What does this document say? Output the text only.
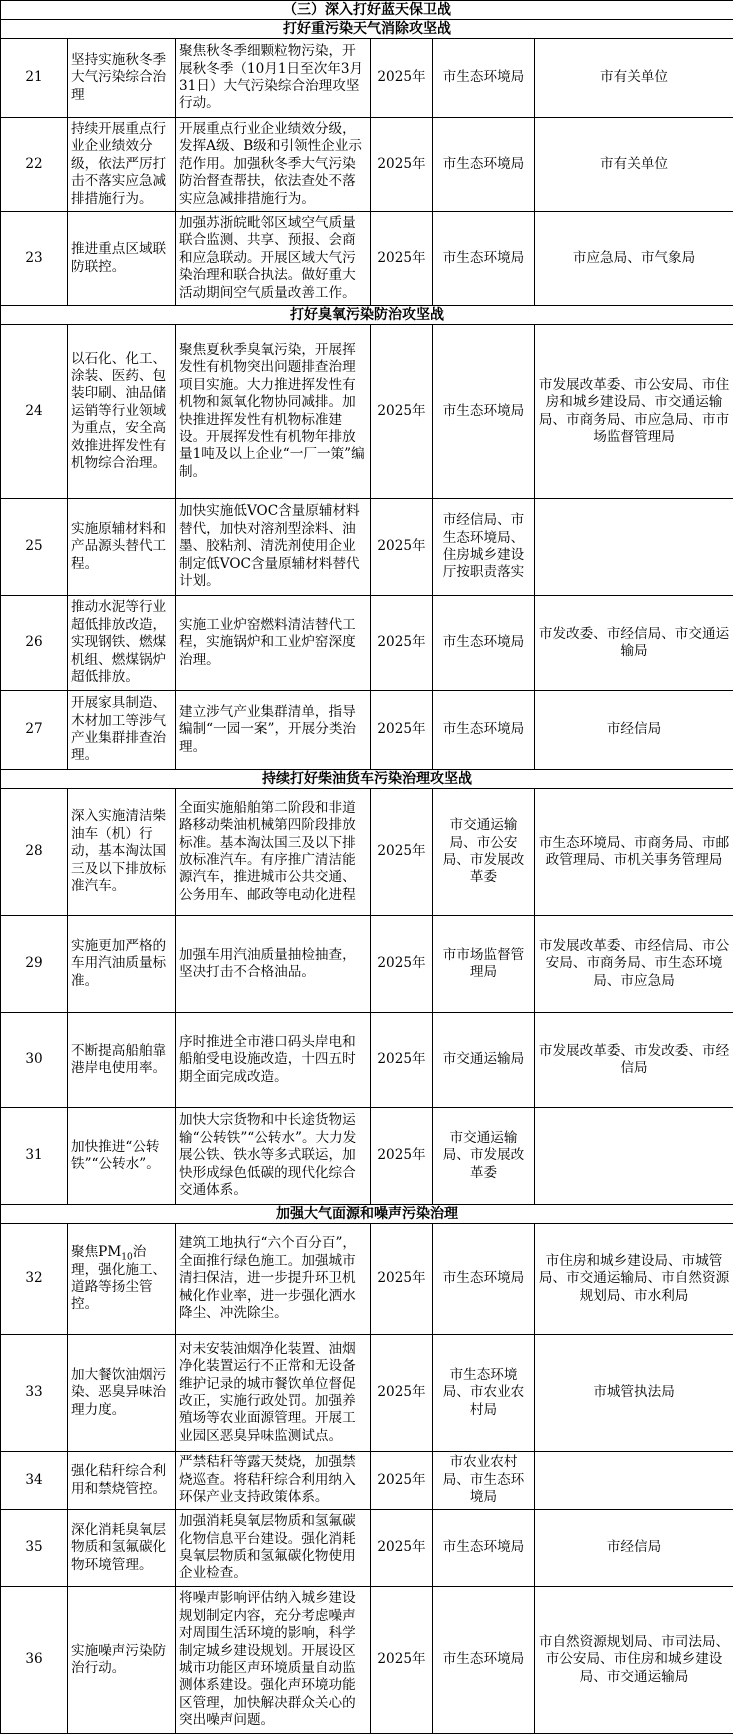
（三）深入打好蓝天保卫战					
打好重污染天气消除攻坚战					
21	坚持实施秋冬季大气污染综合治理	聚焦秋冬季细颗粒物污染，开展秋冬季（10月1日至次年3月31日）大气污染综合治理攻坚行动。	2025年	市生态环境局	市有关单位
22	持续开展重点行业企业绩效分级，依法严厉打击不落实应急减排措施行为。	开展重点行业企业绩效分级，发挥A级、B级和引领性企业示范作用。加强秋冬季大气污染防治督查帮扶，依法查处不落实应急减排措施行为。	2025年	市生态环境局	市有关单位
23	推进重点区域联防联控。	加强苏浙皖毗邻区域空气质量联合监测、共享、预报、会商和应急联动。开展区域大气污染治理和联合执法。做好重大活动期间空气质量改善工作。	2025年	市生态环境局	市应急局、市气象局
打好臭氧污染防治攻坚战					
24	以石化、化工、涂装、医药、包装印刷、油品储运销等行业领域为重点，安全高效推进挥发性有机物综合治理。	聚焦夏秋季臭氧污染，开展挥发性有机物突出问题排查治理项目实施。大力推进挥发性有机物和氮氧化物协同减排。加快推进挥发性有机物标准建设。开展挥发性有机物年排放量1吨及以上企业“一厂一策”编制。	2025年	市生态环境局	市发展改革委、市公安局、市住房和城乡建设局、市交通运输局、市商务局、市应急局、市市场监督管理局
25	实施原辅材料和产品源头替代工程。	加快实施低VOC含量原辅材料替代，加快对溶剂型涂料、油墨、胶粘剂、清洗剂使用企业制定低VOC含量原辅材料替代计划。	2025年	市经信局、市生态环境局、住房城乡建设厅按职责落实	
26	推动水泥等行业超低排放改造，实现钢铁、燃煤机组、燃煤锅炉超低排放。	实施工业炉窑燃料清洁替代工程，实施锅炉和工业炉窑深度治理。	2025年	市生态环境局	市发改委、市经信局、市交通运输局
27	开展家具制造、木材加工等涉气产业集群排查治理。	建立涉气产业集群清单，指导编制“一园一案”，开展分类治理。	2025年	市生态环境局	市经信局
持续打好柴油货车污染治理攻坚战					
28	深入实施清洁柴油车（机）行动，基本淘汰国三及以下排放标准汽车。	全面实施船舶第二阶段和非道路移动柴油机械第四阶段排放标准。基本淘汰国三及以下排放标准汽车。有序推广清洁能源汽车，推进城市公共交通、公务用车、邮政等电动化进程	2025年	市交通运输局、市公安局、市发展改革委	市生态环境局、市商务局、市邮政管理局、市机关事务管理局
29	实施更加严格的车用汽油质量标准。	加强车用汽油质量抽检抽查，坚决打击不合格油品。	2025年	市市场监督管理局	市发展改革委、市经信局、市公安局、市商务局、市生态环境局、市应急局
30	不断提高船舶靠港岸电使用率。	序时推进全市港口码头岸电和船舶受电设施改造，十四五时期全面完成改造。	2025年	市交通运输局	市发展改革委、市发改委、市经信局
31	加快推进“公转铁”“公转水”。	加快大宗货物和中长途货物运输“公转铁”“公转水”。大力发展公铁、铁水等多式联运，加快形成绿色低碳的现代化综合交通体系。	2025年	市交通运输局、市发展改革委	
加强大气面源和噪声污染治理					
32	聚焦$PM_{10}$治理，强化施工、道路等扬尘管控。	建筑工地执行“六个百分百”，全面推行绿色施工。加强城市清扫保洁，进一步提升环卫机械化作业率，进一步强化洒水降尘、冲洗除尘。	2025年	市生态环境局	市住房和城乡建设局、市城管局、市交通运输局、市自然资源规划局、市水利局
33	加大餐饮油烟污染、恶臭异味治理力度。	对未安装油烟净化装置、油烟净化装置运行不正常和无设备维护记录的城市餐饮单位督促改正，实施行政处罚。加强养殖场等农业面源管理。开展工业园区恶臭异味监测试点。	2025年	市生态环境局、市农业农村局	市城管执法局
34	强化秸秆综合利用和禁烧管控。	严禁秸秆等露天焚烧，加强禁烧巡查。将秸秆综合利用纳入环保产业支持政策体系。	2025年	市农业农村局、市生态环境局	
35	深化消耗臭氧层物质和氢氟碳化物环境管理。	加强消耗臭氧层物质和氢氟碳化物信息平台建设。强化消耗臭氧层物质和氢氟碳化物使用企业检查。	2025年	市生态环境局	市经信局
36	实施噪声污染防治行动。	将噪声影响评估纳入城乡建设规划制定内容，充分考虑噪声对周围生活环境的影响，科学制定城乡建设规划。开展设区城市功能区声环境质量自动监测体系建设。强化声环境功能区管理，加快解决群众关心的突出噪声问题。	2025年	市生态环境局	市自然资源规划局、市司法局、市公安局、市住房和城乡建设局、市交通运输局
